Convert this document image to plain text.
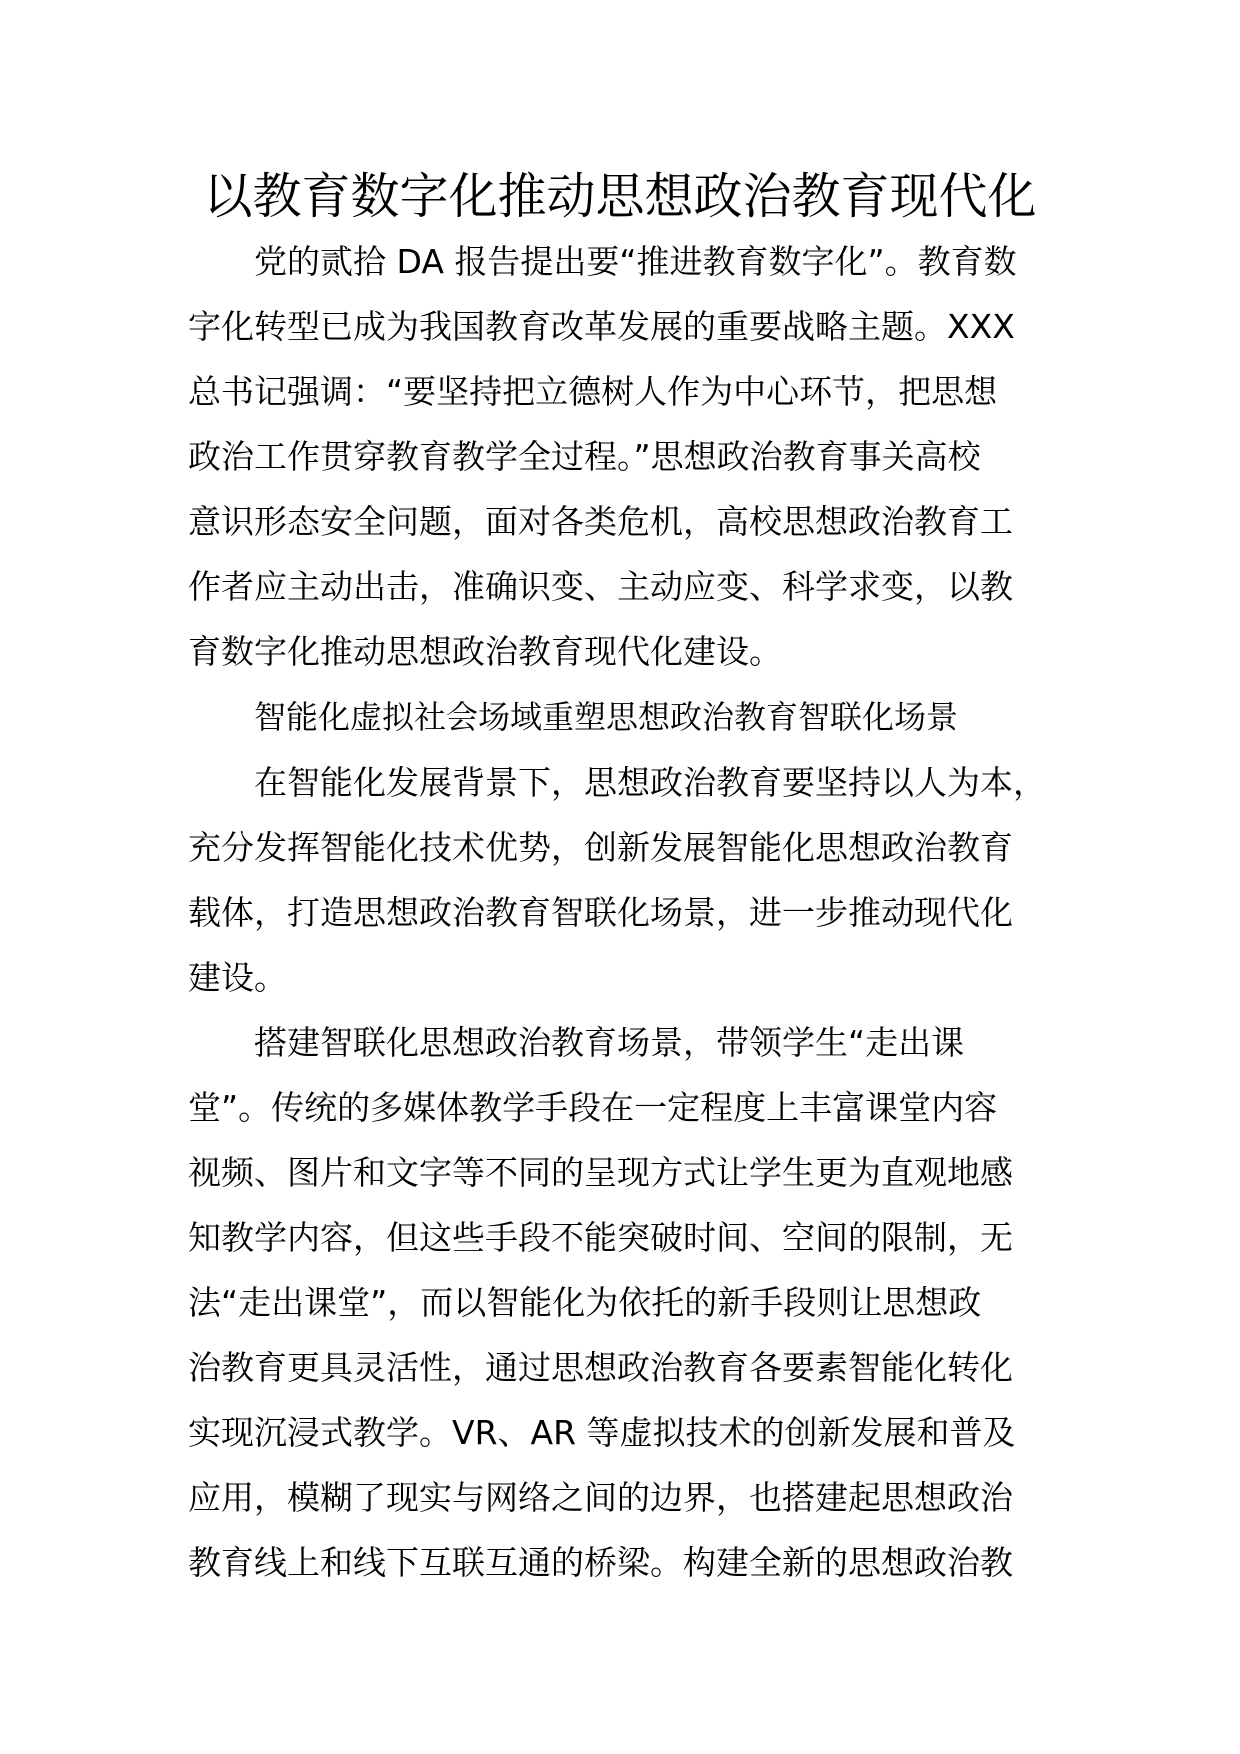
以教育数字化推动思想政治教育现代化
党的贰拾 DA 报告提出要“推进教育数字化”。教育数
字化转型已成为我国教育改革发展的重要战略主题。XXX
总书记强调：“要坚持把立德树人作为中心环节，把思想
政治工作贯穿教育教学全过程。”思想政治教育事关高校
意识形态安全问题，面对各类危机，高校思想政治教育工
作者应主动出击，准确识变、主动应变、科学求变，以教
育数字化推动思想政治教育现代化建设。
智能化虚拟社会场域重塑思想政治教育智联化场景
在智能化发展背景下，思想政治教育要坚持以人为本，
充分发挥智能化技术优势，创新发展智能化思想政治教育
载体，打造思想政治教育智联化场景，进一步推动现代化
建设。
搭建智联化思想政治教育场景，带领学生“走出课
堂”。传统的多媒体教学手段在一定程度上丰富课堂内容
视频、图片和文字等不同的呈现方式让学生更为直观地感
知教学内容，但这些手段不能突破时间、空间的限制，无
法“走出课堂”，而以智能化为依托的新手段则让思想政
治教育更具灵活性，通过思想政治教育各要素智能化转化
实现沉浸式教学。VR、AR 等虚拟技术的创新发展和普及
应用，模糊了现实与网络之间的边界，也搭建起思想政治
教育线上和线下互联互通的桥梁。构建全新的思想政治教
